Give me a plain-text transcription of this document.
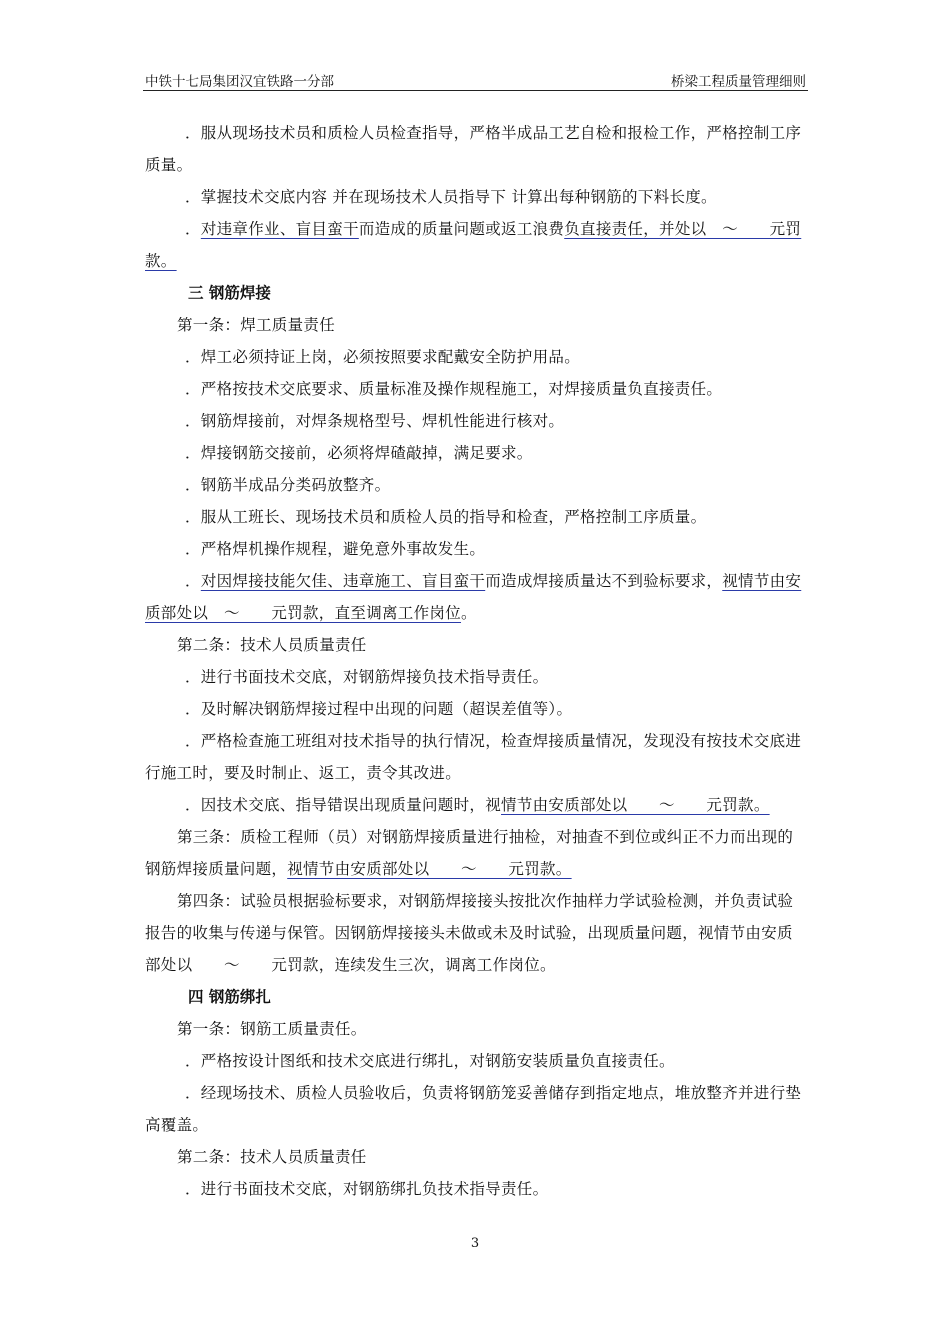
中铁十七局集团汉宜铁路一分部	桥梁工程质量管理细则

．服从现场技术员和质检人员检查指导，严格半成品工艺自检和报检工作，严格控制工序质量。

．掌握技术交底内容 并在现场技术人员指导下 计算出每种钢筋的下料长度。

．对违章作业、盲目蛮干而造成的质量问题或返工浪费负直接责任，并处以　～　　元罚款。

三 钢筋焊接

第一条：焊工质量责任

．焊工必须持证上岗，必须按照要求配戴安全防护用品。

．严格按技术交底要求、质量标准及操作规程施工，对焊接质量负直接责任。

．钢筋焊接前，对焊条规格型号、焊机性能进行核对。

．焊接钢筋交接前，必须将焊碴敲掉，满足要求。

．钢筋半成品分类码放整齐。

．服从工班长、现场技术员和质检人员的指导和检查，严格控制工序质量。

．严格焊机操作规程，避免意外事故发生。

．对因焊接技能欠佳、违章施工、盲目蛮干而造成焊接质量达不到验标要求，视情节由安质部处以　～　　元罚款，直至调离工作岗位。

第二条：技术人员质量责任

．进行书面技术交底，对钢筋焊接负技术指导责任。

．及时解决钢筋焊接过程中出现的问题（超误差值等）。

．严格检查施工班组对技术指导的执行情况，检查焊接质量情况，发现没有按技术交底进行施工时，要及时制止、返工，责令其改进。

．因技术交底、指导错误出现质量问题时，视情节由安质部处以　　～　　元罚款。

第三条：质检工程师（员）对钢筋焊接质量进行抽检，对抽查不到位或纠正不力而出现的钢筋焊接质量问题，视情节由安质部处以　　～　　元罚款。

第四条：试验员根据验标要求，对钢筋焊接接头按批次作抽样力学试验检测，并负责试验报告的收集与传递与保管。因钢筋焊接接头未做或未及时试验，出现质量问题，视情节由安质部处以　　～　　元罚款，连续发生三次，调离工作岗位。

四 钢筋绑扎

第一条：钢筋工质量责任。

．严格按设计图纸和技术交底进行绑扎，对钢筋安装质量负直接责任。

．经现场技术、质检人员验收后，负责将钢筋笼妥善储存到指定地点，堆放整齐并进行垫高覆盖。

第二条：技术人员质量责任

．进行书面技术交底，对钢筋绑扎负技术指导责任。

3
